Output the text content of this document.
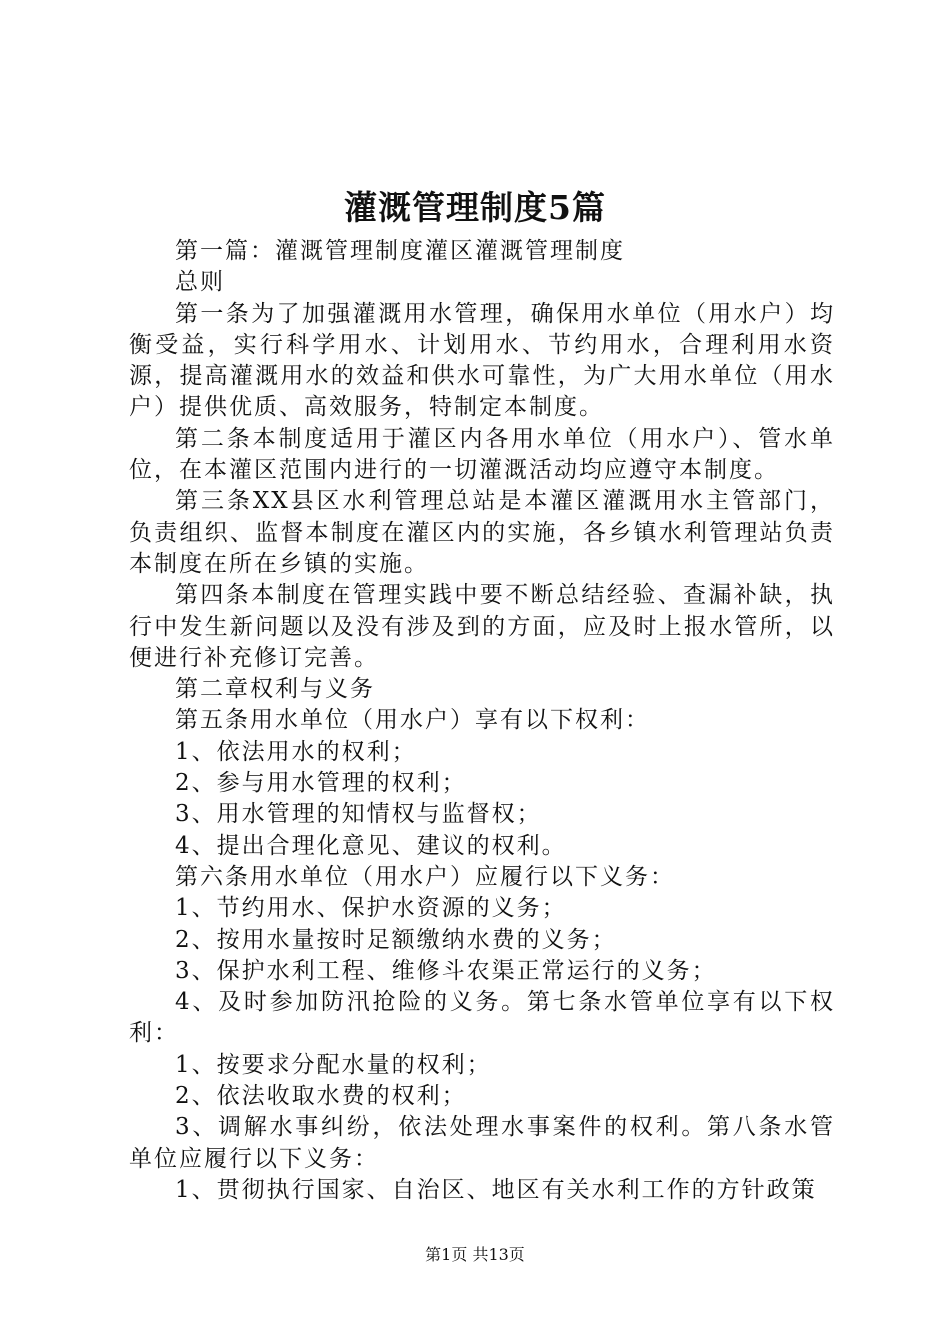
灌溉管理制度5篇

第一篇：灌溉管理制度灌区灌溉管理制度

总则

第一条为了加强灌溉用水管理，确保用水单位（用水户）均衡受益，实行科学用水、计划用水、节约用水，合理利用水资源，提高灌溉用水的效益和供水可靠性，为广大用水单位（用水户）提供优质、高效服务，特制定本制度。

第二条本制度适用于灌区内各用水单位（用水户）、管水单位，在本灌区范围内进行的一切灌溉活动均应遵守本制度。

第三条XX县区水利管理总站是本灌区灌溉用水主管部门，负责组织、监督本制度在灌区内的实施，各乡镇水利管理站负责本制度在所在乡镇的实施。

第四条本制度在管理实践中要不断总结经验、查漏补缺，执行中发生新问题以及没有涉及到的方面，应及时上报水管所，以便进行补充修订完善。

第二章权利与义务

第五条用水单位（用水户）享有以下权利：

1、依法用水的权利；

2、参与用水管理的权利；

3、用水管理的知情权与监督权；

4、提出合理化意见、建议的权利。

第六条用水单位（用水户）应履行以下义务：

1、节约用水、保护水资源的义务；

2、按用水量按时足额缴纳水费的义务；

3、保护水利工程、维修斗农渠正常运行的义务；

4、及时参加防汛抢险的义务。第七条水管单位享有以下权利：

1、按要求分配水量的权利；

2、依法收取水费的权利；

3、调解水事纠纷，依法处理水事案件的权利。第八条水管单位应履行以下义务：

1、贯彻执行国家、自治区、地区有关水利工作的方针政策

第1页 共13页
